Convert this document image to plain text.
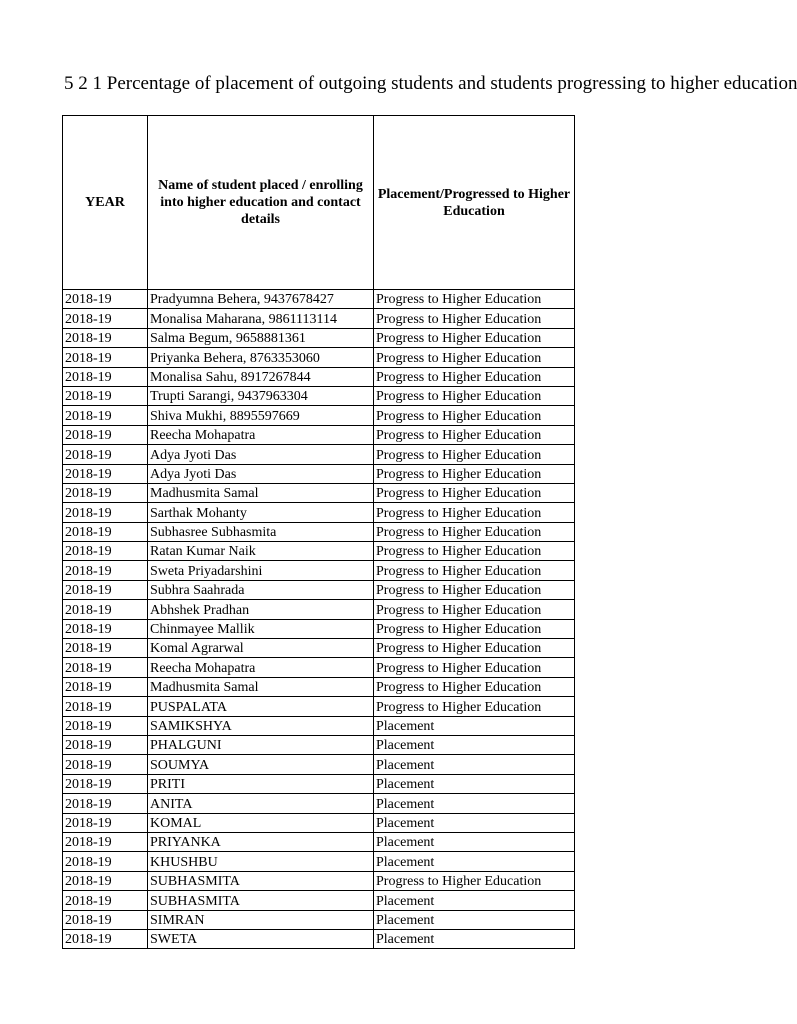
5 2 1 Percentage of placement of outgoing students and students progressing to higher education
YEAR	Name of student placed / enrolling into higher education and contact details	Placement/Progressed to Higher Education
2018-19	Pradyumna Behera, 9437678427	Progress to Higher Education
2018-19	Monalisa Maharana, 9861113114	Progress to Higher Education
2018-19	Salma Begum, 9658881361	Progress to Higher Education
2018-19	Priyanka Behera, 8763353060	Progress to Higher Education
2018-19	Monalisa Sahu, 8917267844	Progress to Higher Education
2018-19	Trupti Sarangi, 9437963304	Progress to Higher Education
2018-19	Shiva Mukhi, 8895597669	Progress to Higher Education
2018-19	Reecha Mohapatra	Progress to Higher Education
2018-19	Adya Jyoti Das	Progress to Higher Education
2018-19	Adya Jyoti Das	Progress to Higher Education
2018-19	Madhusmita Samal	Progress to Higher Education
2018-19	Sarthak Mohanty	Progress to Higher Education
2018-19	Subhasree Subhasmita	Progress to Higher Education
2018-19	Ratan Kumar Naik	Progress to Higher Education
2018-19	Sweta Priyadarshini	Progress to Higher Education
2018-19	Subhra Saahrada	Progress to Higher Education
2018-19	Abhshek Pradhan	Progress to Higher Education
2018-19	Chinmayee Mallik	Progress to Higher Education
2018-19	Komal Agrarwal	Progress to Higher Education
2018-19	Reecha Mohapatra	Progress to Higher Education
2018-19	Madhusmita Samal	Progress to Higher Education
2018-19	PUSPALATA	Progress to Higher Education
2018-19	SAMIKSHYA	Placement
2018-19	PHALGUNI	Placement
2018-19	SOUMYA	Placement
2018-19	PRITI	Placement
2018-19	ANITA	Placement
2018-19	KOMAL	Placement
2018-19	PRIYANKA	Placement
2018-19	KHUSHBU	Placement
2018-19	SUBHASMITA	Progress to Higher Education
2018-19	SUBHASMITA	Placement
2018-19	SIMRAN	Placement
2018-19	SWETA	Placement
